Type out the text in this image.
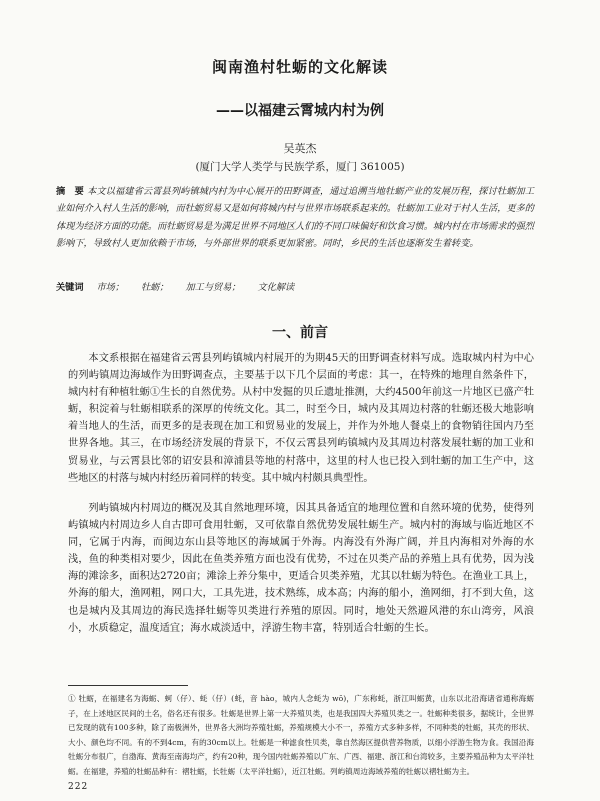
闽南渔村牡蛎的文化解读
——以福建云霄城内村为例
吴英杰
(厦门大学人类学与民族学系，厦门 361005)
摘　要 本文以福建省云霄县列屿镇城内村为中心展开的田野调查，通过追溯当地牡蛎产业的发展历程，探讨牡蛎加工业如何介入村人生活的影响，而牡蛎贸易又是如何将城内村与世界市场联系起来的。牡蛎加工业对于村人生活，更多的体现为经济方面的功能。而牡蛎贸易是为满足世界不同地区人们的不同口味偏好和饮食习惯。城内村在市场需求的强烈影响下，导致村人更加依赖于市场，与外部世界的联系更加紧密。同时，乡民的生活也逐渐发生着转变。
关键词 市场； 牡蛎； 加工与贸易； 文化解读
一、前言

本文系根据在福建省云霄县列屿镇城内村展开的为期45天的田野调查材料写成。选取城内村为中心的列屿镇周边海域作为田野调查点，主要基于以下几个层面的考虑：其一，在特殊的地理自然条件下，城内村有种植牡蛎①生长的自然优势。从村中发掘的贝丘遗址推测，大约4500年前这一片地区已盛产牡蛎，积淀着与牡蛎相联系的深厚的传统文化。其二，时至今日，城内及其周边村落的牡蛎还极大地影响着当地人的生活，而更多的是表现在加工和贸易业的发展上，并作为外地人餐桌上的食物销往国内乃至世界各地。其三，在市场经济发展的背景下，不仅云霄县列屿镇城内及其周边村落发展牡蛎的加工业和贸易业，与云霄县比邻的诏安县和漳浦县等地的村落中，这里的村人也已投入到牡蛎的加工生产中，这些地区的村落与城内村经历着同样的转变。其中城内村颇具典型性。

列屿镇城内村周边的概况及其自然地理环境，因其具备适宜的地理位置和自然环境的优势，使得列屿镇城内村周边乡人自古即可食用牡蛎，又可依靠自然优势发展牡蛎生产。城内村的海域与临近地区不同，它属于内海，而闽边东山县等地区的海域属于外海。内海没有外海广阔，并且内海相对外海的水浅，鱼的种类相对要少，因此在鱼类养殖方面也没有优势，不过在贝类产品的养殖上具有优势，因为浅海的滩涂多，面积达2720亩；滩涂上养分集中，更适合贝类养殖，尤其以牡蛎为特色。在渔业工具上，外海的船大，渔网粗，网口大，工具先进，技术熟练，成本高；内海的船小，渔网细，打不到大鱼，这也是城内及其周边的海民选择牡蛎等贝类进行养殖的原因。同时，地处天然避风港的东山湾旁，风浪小，水质稳定，温度适宜；海水咸淡适中，浮游生物丰富，特别适合牡蛎的生长。

① 牡蛎，在福建名为海蛎、蚵（仔）、蚝（仔）(蚝，音 hào，城内人念蚝为 wō)，广东称蚝，浙江叫蛎黄，山东以北沿海诸省通称海蛎子，在上述地区民间的土名，俗名还有很多。牡蛎是世界上第一大养殖贝类，也是我国四大养殖贝类之一。牡蛎种类很多，据统计，全世界已发现的就有100多种，除了南极洲外，世界各大洲均养殖牡蛎，养殖规模大小不一，养殖方式多种多样，不同种类的牡蛎，其壳的形状、大小、颜色均不同。有的不到4cm，有的30cm以上。牡蛎是一种滤食性贝类，靠自然海区提供营养物质，以细小浮游生物为食。我国沿海牡蛎分布很广，自渤海、黄海至南海均产，约有20种，现今国内牡蛎养殖以广东、广西、福建、浙江和台湾较多，主要养殖品种为太平洋牡蛎。在福建，养殖的牡蛎品种有：褶牡蛎，长牡蛎（太平洋牡蛎），近江牡蛎。列屿镇周边海域养殖的牡蛎以褶牡蛎为主。
222
